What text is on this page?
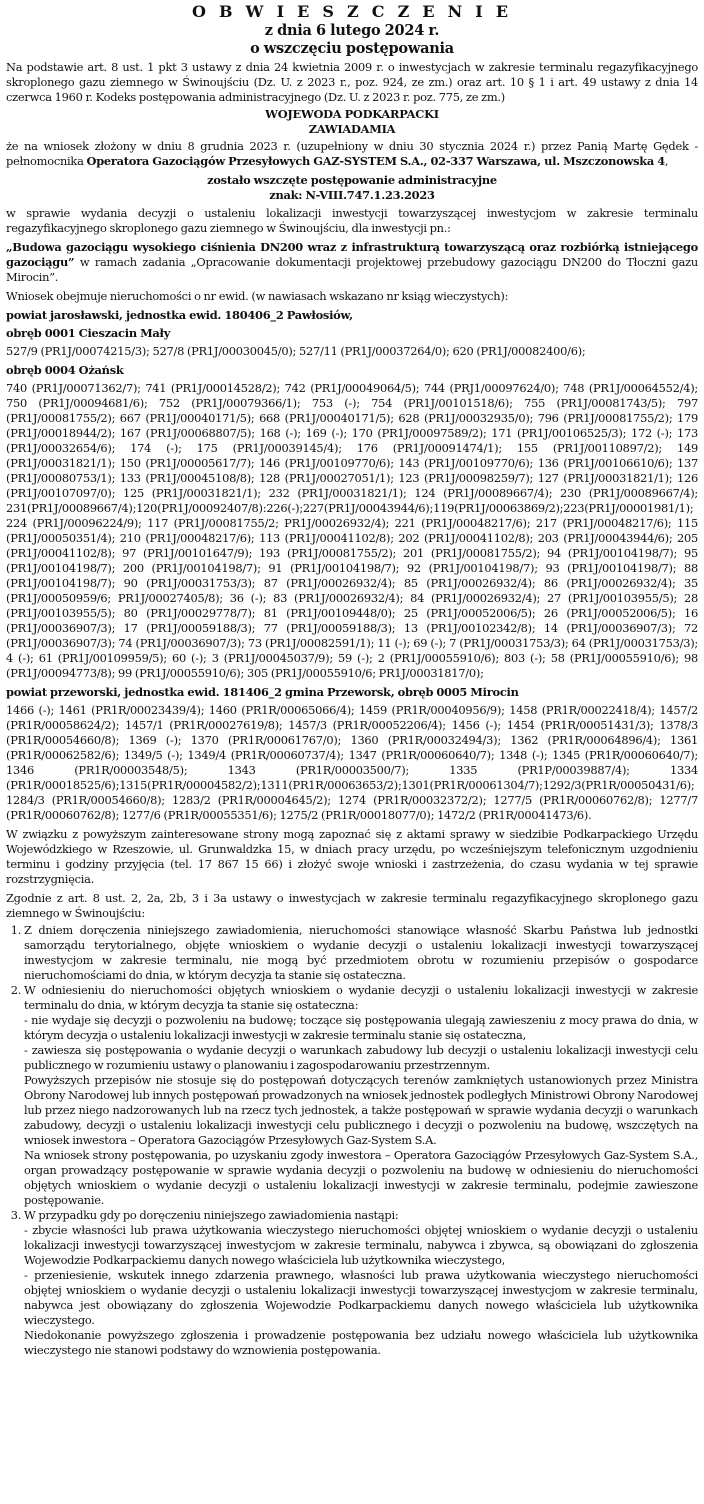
O B W I E S Z C Z E N I E
z dnia 6 lutego 2024 r.
o wszczęciu postępowania

Na podstawie art. 8 ust. 1 pkt 3 ustawy z dnia 24 kwietnia 2009 r. o inwestycjach w zakresie terminalu regazyfikacyjnego skroplonego gazu ziemnego w Świnoujściu (Dz. U. z 2023 r., poz. 924, ze zm.) oraz art. 10 § 1 i art. 49 ustawy z dnia 14 czerwca 1960 r. Kodeks postępowania administracyjnego (Dz. U. z 2023 r. poz. 775, ze zm.)

WOJEWODA PODKARPACKI
ZAWIADAMIA

że na wniosek złożony w dniu 8 grudnia 2023 r. (uzupełniony w dniu 30 stycznia 2024 r.) przez Panią Martę Gędek - pełnomocnika Operatora Gazociągów Przesyłowych GAZ-SYSTEM S.A., 02-337 Warszawa, ul. Mszczonowska 4,

zostało wszczęte postępowanie administracyjne
znak: N-VIII.747.1.23.2023

w sprawie wydania decyzji o ustaleniu lokalizacji inwestycji towarzyszącej inwestycjom w zakresie terminalu regazyfikacyjnego skroplonego gazu ziemnego w Świnoujściu, dla inwestycji pn.:

„Budowa gazociągu wysokiego ciśnienia DN200 wraz z infrastrukturą towarzyszącą oraz rozbiórką istniejącego gazociągu” w ramach zadania „Opracowanie dokumentacji projektowej przebudowy gazociągu DN200 do Tłoczni gazu Mirocin”.

Wniosek obejmuje nieruchomości o nr ewid. (w nawiasach wskazano nr ksiąg wieczystych):

powiat jarosławski, jednostka ewid. 180406_2 Pawłosiów,
obręb 0001 Cieszacin Mały

527/9 (PR1J/00074215/3); 527/8 (PR1J/00030045/0); 527/11 (PR1J/00037264/0); 620 (PR1J/00082400/6);

obręb 0004 Ożańsk

740 (PR1J/00071362/7); 741 (PR1J/00014528/2); 742 (PR1J/00049064/5); 744 (PRJ1/00097624/0); 748 (PR1J/00064552/4); 750 (PR1J/00094681/6); 752 (PR1J/00079366/1); 753 (-); 754 (PR1J/00101518/6); 755 (PR1J/00081743/5); 797 (PR1J/00081755/2); 667 (PR1J/00040171/5); 668 (PR1J/00040171/5); 628 (PR1J/00032935/0); 796 (PR1J/00081755/2); 179 (PR1J/00018944/2); 167 (PR1J/00068807/5); 168 (-); 169 (-); 170 (PR1J/00097589/2); 171 (PR1J/00106525/3); 172 (-); 173 (PR1J/00032654/6); 174 (-); 175 (PR1J/00039145/4); 176 (PR1J/00091474/1); 155 (PR1J/00110897/2); 149 (PR1J/00031821/1); 150 (PR1J/00005617/7); 146 (PR1J/00109770/6); 143 (PR1J/00109770/6); 136 (PR1J/00106610/6); 137 (PR1J/00080753/1); 133 (PR1J/00045108/8); 128 (PR1J/00027051/1); 123 (PR1J/00098259/7); 127 (PR1J/00031821/1); 126 (PR1J/00107097/0); 125 (PR1J/00031821/1); 232 (PR1J/00031821/1); 124 (PR1J/00089667/4); 230 (PR1J/00089667/4); 231(PR1J/00089667/4);120(PR1J/00092407/8):226(-);227(PR1J/00043944/6);119(PR1J/00063869/2);223(PR1J/00001981/1); 224 (PR1J/00096224/9); 117 (PR1J/00081755/2; PR1J/00026932/4); 221 (PR1J/00048217/6); 217 (PR1J/00048217/6); 115 (PR1J/00050351/4); 210 (PR1J/00048217/6); 113 (PR1J/00041102/8); 202 (PR1J/00041102/8); 203 (PR1J/00043944/6); 205 (PR1J/00041102/8); 97 (PR1J/00101647/9); 193 (PR1J/00081755/2); 201 (PR1J/00081755/2); 94 (PR1J/00104198/7); 95 (PR1J/00104198/7); 200 (PR1J/00104198/7); 91 (PR1J/00104198/7); 92 (PR1J/00104198/7); 93 (PR1J/00104198/7); 88 (PR1J/00104198/7); 90 (PR1J/00031753/3); 87 (PR1J/00026932/4); 85 (PR1J/00026932/4); 86 (PR1J/00026932/4); 35 (PR1J/00050959/6; PR1J/00027405/8); 36 (-); 83 (PR1J/00026932/4); 84 (PR1J/00026932/4); 27 (PR1J/00103955/5); 28 (PR1J/00103955/5); 80 (PR1J/00029778/7); 81 (PR1J/00109448/0); 25 (PR1J/00052006/5); 26 (PR1J/00052006/5); 16 (PR1J/00036907/3); 17 (PR1J/00059188/3); 77 (PR1J/00059188/3); 13 (PR1J/00102342/8); 14 (PR1J/00036907/3); 72 (PR1J/00036907/3); 74 (PR1J/00036907/3); 73 (PR1J/00082591/1); 11 (-); 69 (-); 7 (PR1J/00031753/3); 64 (PR1J/00031753/3); 4 (-); 61 (PR1J/00109959/5); 60 (-); 3 (PR1J/00045037/9); 59 (-); 2 (PR1J/00055910/6); 803 (-); 58 (PR1J/00055910/6); 98 (PR1J/00094773/8); 99 (PR1J/00055910/6); 305 (PR1J/00055910/6; PR1J/00031817/0);

powiat przeworski, jednostka ewid. 181406_2 gmina Przeworsk, obręb 0005 Mirocin

1466 (-); 1461 (PR1R/00023439/4); 1460 (PR1R/00065066/4); 1459 (PR1R/00040956/9); 1458 (PR1R/00022418/4); 1457/2 (PR1R/00058624/2); 1457/1 (PR1R/00027619/8); 1457/3 (PR1R/00052206/4); 1456 (-); 1454 (PR1R/00051431/3); 1378/3 (PR1R/00054660/8); 1369 (-); 1370 (PR1R/00061767/0); 1360 (PR1R/00032494/3); 1362 (PR1R/00064896/4); 1361 (PR1R/00062582/6); 1349/5 (-); 1349/4 (PR1R/00060737/4); 1347 (PR1R/00060640/7); 1348 (-); 1345 (PR1R/00060640/7); 1346 (PR1R/00003548/5); 1343 (PR1R/00003500/7); 1335 (PR1P/00039887/4); 1334 (PR1R/00018525/6);1315(PR1R/00004582/2);1311(PR1R/00063653/2);1301(PR1R/00061304/7);1292/3(PR1R/00050431/6); 1284/3 (PR1R/00054660/8); 1283/2 (PR1R/00004645/2); 1274 (PR1R/00032372/2); 1277/5 (PR1R/00060762/8); 1277/7 (PR1R/00060762/8); 1277/6 (PR1R/00055351/6); 1275/2 (PR1R/00018077/0); 1472/2 (PR1R/00041473/6).

W związku z powyższym zainteresowane strony mogą zapoznać się z aktami sprawy w siedzibie Podkarpackiego Urzędu Wojewódzkiego w Rzeszowie, ul. Grunwaldzka 15, w dniach pracy urzędu, po wcześniejszym telefonicznym uzgodnieniu terminu i godziny przyjęcia (tel. 17 867 15 66) i złożyć swoje wnioski i zastrzeżenia, do czasu wydania w tej sprawie rozstrzygnięcia.

Zgodnie z art. 8 ust. 2, 2a, 2b, 3 i 3a ustawy o inwestycjach w zakresie terminalu regazyfikacyjnego skroplonego gazu ziemnego w Świnoujściu:

1. Z dniem doręczenia niniejszego zawiadomienia, nieruchomości stanowiące własność Skarbu Państwa lub jednostki samorządu terytorialnego, objęte wnioskiem o wydanie decyzji o ustaleniu lokalizacji inwestycji towarzyszącej inwestycjom w zakresie terminalu, nie mogą być przedmiotem obrotu w rozumieniu przepisów o gospodarce nieruchomościami do dnia, w którym decyzja ta stanie się ostateczna.

2. W odniesieniu do nieruchomości objętych wnioskiem o wydanie decyzji o ustaleniu lokalizacji inwestycji w zakresie terminalu do dnia, w którym decyzja ta stanie się ostateczna:

- nie wydaje się decyzji o pozwoleniu na budowę; toczące się postępowania ulegają zawieszeniu z mocy prawa do dnia, w którym decyzja o ustaleniu lokalizacji inwestycji w zakresie terminalu stanie się ostateczna,

- zawiesza się postępowania o wydanie decyzji o warunkach zabudowy lub decyzji o ustaleniu lokalizacji inwestycji celu publicznego w rozumieniu ustawy o planowaniu i zagospodarowaniu przestrzennym.

Powyższych przepisów nie stosuje się do postępowań dotyczących terenów zamkniętych ustanowionych przez Ministra Obrony Narodowej lub innych postępowań prowadzonych na wniosek jednostek podległych Ministrowi Obrony Narodowej lub przez niego nadzorowanych lub na rzecz tych jednostek, a także postępowań w sprawie wydania decyzji o warunkach zabudowy, decyzji o ustaleniu lokalizacji inwestycji celu publicznego i decyzji o pozwoleniu na budowę, wszczętych na wniosek inwestora – Operatora Gazociągów Przesyłowych Gaz-System S.A.

Na wniosek strony postępowania, po uzyskaniu zgody inwestora – Operatora Gazociągów Przesyłowych Gaz-System S.A., organ prowadzący postępowanie w sprawie wydania decyzji o pozwoleniu na budowę w odniesieniu do nieruchomości objętych wnioskiem o wydanie decyzji o ustaleniu lokalizacji inwestycji w zakresie terminalu, podejmie zawieszone postępowanie.

3. W przypadku gdy po doręczeniu niniejszego zawiadomienia nastąpi:

- zbycie własności lub prawa użytkowania wieczystego nieruchomości objętej wnioskiem o wydanie decyzji o ustaleniu lokalizacji inwestycji towarzyszącej inwestycjom w zakresie terminalu, nabywca i zbywca, są obowiązani do zgłoszenia Wojewodzie Podkarpackiemu danych nowego właściciela lub użytkownika wieczystego,

- przeniesienie, wskutek innego zdarzenia prawnego, własności lub prawa użytkowania wieczystego nieruchomości objętej wnioskiem o wydanie decyzji o ustaleniu lokalizacji inwestycji towarzyszącej inwestycjom w zakresie terminalu, nabywca jest obowiązany do zgłoszenia Wojewodzie Podkarpackiemu danych nowego właściciela lub użytkownika wieczystego.

Niedokonanie powyższego zgłoszenia i prowadzenie postępowania bez udziału nowego właściciela lub użytkownika wieczystego nie stanowi podstawy do wznowienia postępowania.
